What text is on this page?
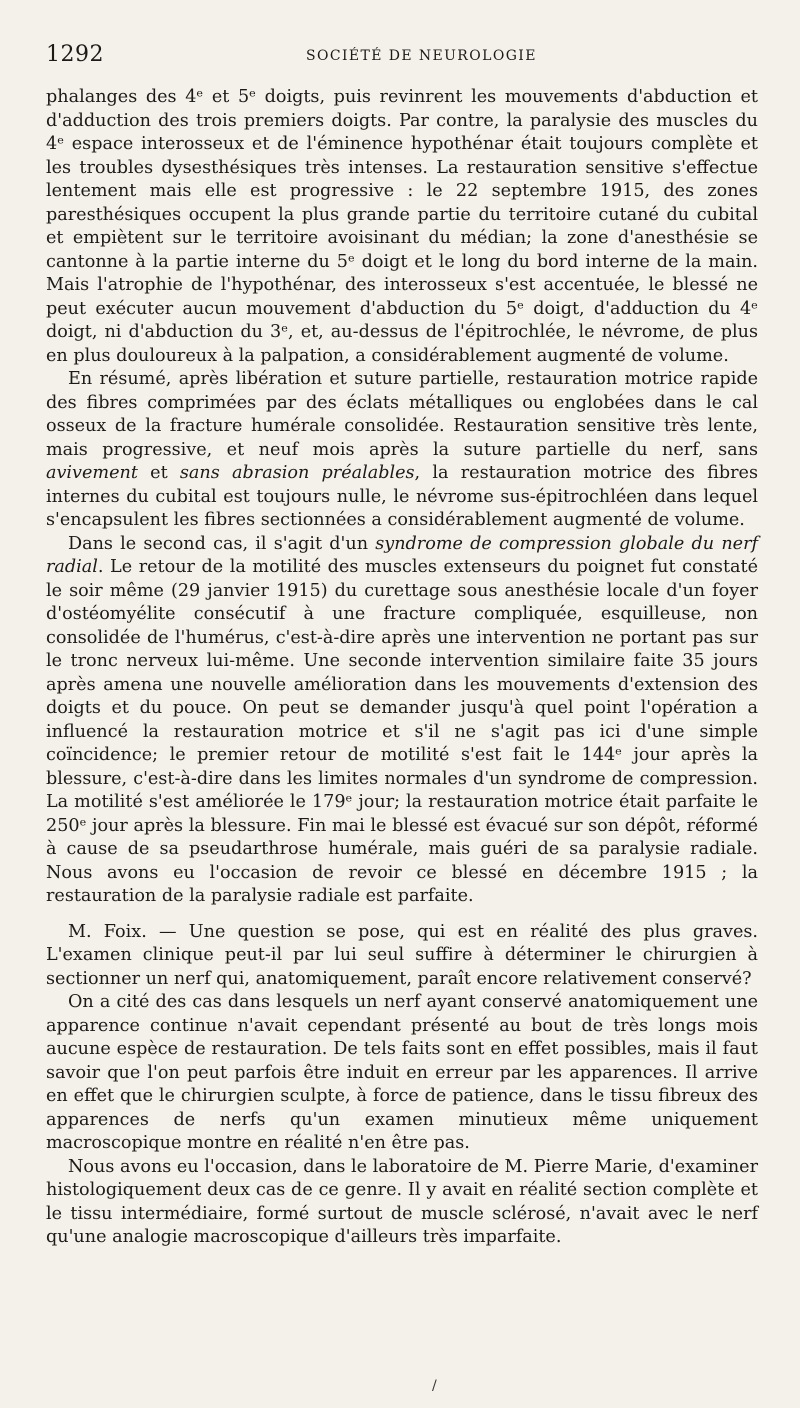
1292	SOCIÉTÉ DE NEUROLOGIE

phalanges des 4ᵉ et 5ᵉ doigts, puis revinrent les mouvements d'abduction et d'adduction des trois premiers doigts. Par contre, la paralysie des muscles du 4ᵉ espace interosseux et de l'éminence hypothénar était toujours complète et les troubles dysesthésiques très intenses. La restauration sensitive s'effectue lentement mais elle est progressive : le 22 septembre 1915, des zones paresthésiques occupent la plus grande partie du territoire cutané du cubital et empiètent sur le territoire avoisinant du médian; la zone d'anesthésie se cantonne à la partie interne du 5ᵉ doigt et le long du bord interne de la main. Mais l'atrophie de l'hypothénar, des interosseux s'est accentuée, le blessé ne peut exécuter aucun mouvement d'abduction du 5ᵉ doigt, d'adduction du 4ᵉ doigt, ni d'abduction du 3ᵉ, et, au-dessus de l'épitrochlée, le névrome, de plus en plus douloureux à la palpation, a considérablement augmenté de volume.

En résumé, après libération et suture partielle, restauration motrice rapide des fibres comprimées par des éclats métalliques ou englobées dans le cal osseux de la fracture humérale consolidée. Restauration sensitive très lente, mais progressive, et neuf mois après la suture partielle du nerf, sans avivement et sans abrasion préalables, la restauration motrice des fibres internes du cubital est toujours nulle, le névrome sus-épitrochléen dans lequel s'encapsulent les fibres sectionnées a considérablement augmenté de volume.

Dans le second cas, il s'agit d'un syndrome de compression globale du nerf radial. Le retour de la motilité des muscles extenseurs du poignet fut constaté le soir même (29 janvier 1915) du curettage sous anesthésie locale d'un foyer d'ostéomyélite consécutif à une fracture compliquée, esquilleuse, non consolidée de l'humérus, c'est-à-dire après une intervention ne portant pas sur le tronc nerveux lui-même. Une seconde intervention similaire faite 35 jours après amena une nouvelle amélioration dans les mouvements d'extension des doigts et du pouce. On peut se demander jusqu'à quel point l'opération a influencé la restauration motrice et s'il ne s'agit pas ici d'une simple coïncidence; le premier retour de motilité s'est fait le 144ᵉ jour après la blessure, c'est-à-dire dans les limites normales d'un syndrome de compression. La motilité s'est améliorée le 179ᵉ jour; la restauration motrice était parfaite le 250ᵉ jour après la blessure. Fin mai le blessé est évacué sur son dépôt, réformé à cause de sa pseudarthrose humérale, mais guéri de sa paralysie radiale. Nous avons eu l'occasion de revoir ce blessé en décembre 1915 ; la restauration de la paralysie radiale est parfaite.

M. Foix. — Une question se pose, qui est en réalité des plus graves. L'examen clinique peut-il par lui seul suffire à déterminer le chirurgien à sectionner un nerf qui, anatomiquement, paraît encore relativement conservé?

On a cité des cas dans lesquels un nerf ayant conservé anatomiquement une apparence continue n'avait cependant présenté au bout de très longs mois aucune espèce de restauration. De tels faits sont en effet possibles, mais il faut savoir que l'on peut parfois être induit en erreur par les apparences. Il arrive en effet que le chirurgien sculpte, à force de patience, dans le tissu fibreux des apparences de nerfs qu'un examen minutieux même uniquement macroscopique montre en réalité n'en être pas.

Nous avons eu l'occasion, dans le laboratoire de M. Pierre Marie, d'examiner histologiquement deux cas de ce genre. Il y avait en réalité section complète et le tissu intermédiaire, formé surtout de muscle sclérosé, n'avait avec le nerf qu'une analogie macroscopique d'ailleurs très imparfaite.

/
